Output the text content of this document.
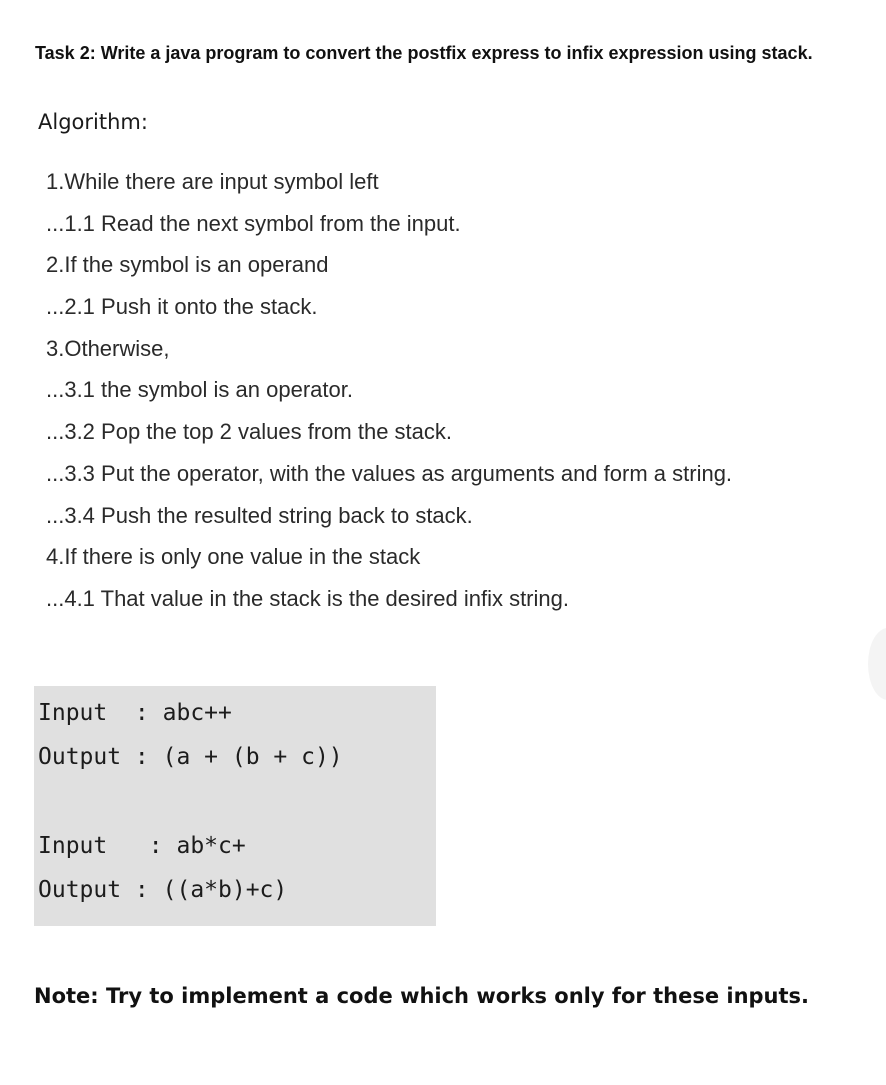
Task 2: Write a java program to convert the postfix express to infix expression using stack.
Algorithm:
1.While there are input symbol left
...1.1 Read the next symbol from the input.
2.If the symbol is an operand
...2.1 Push it onto the stack.
3.Otherwise,
...3.1 the symbol is an operator.
...3.2 Pop the top 2 values from the stack.
...3.3 Put the operator, with the values as arguments and form a string.
...3.4 Push the resulted string back to stack.
4.If there is only one value in the stack
...4.1 That value in the stack is the desired infix string.
Input  : abc++
Output : (a + (b + c))
Input   : ab*c+
Output : ((a*b)+c)
Note: Try to implement a code which works only for these inputs.
